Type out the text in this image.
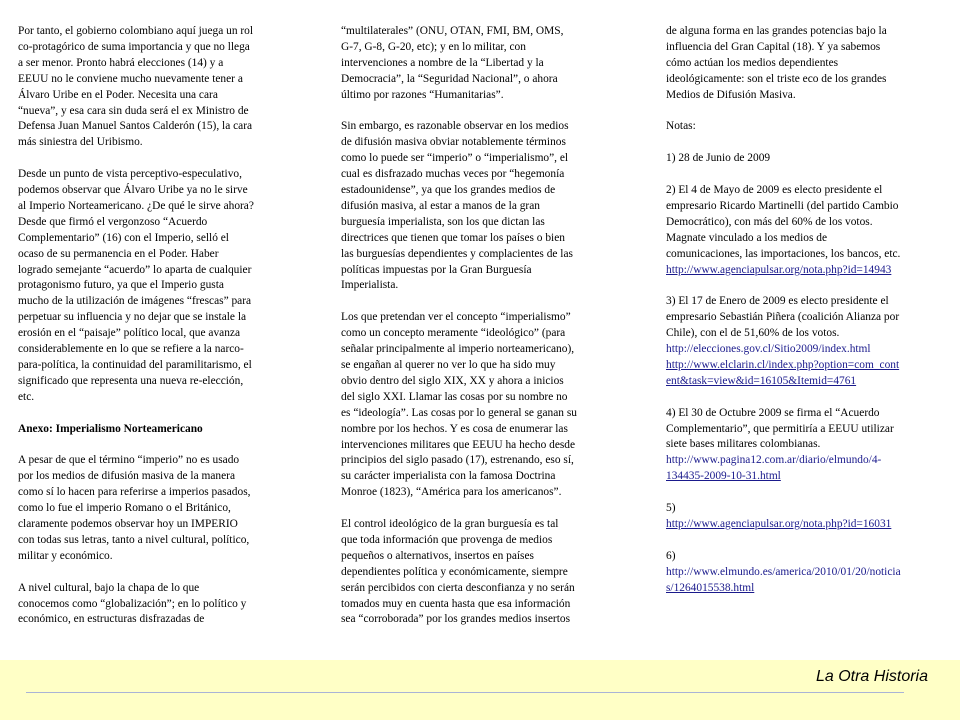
Por tanto, el gobierno colombiano aquí juega un rol
co-protagórico de suma importancia y que no llega
a ser menor. Pronto habrá elecciones (14) y a
EEUU no le conviene mucho nuevamente tener a
Álvaro Uribe en el Poder. Necesita una cara
“nueva”, y esa cara sin duda será el ex Ministro de
Defensa Juan Manuel Santos Calderón (15), la cara
más siniestra del Uribismo.

Desde un punto de vista perceptivo-especulativo,
podemos observar que Álvaro Uribe ya no le sirve
al Imperio Norteamericano. ¿De qué le sirve ahora?
Desde que firmó el vergonzoso “Acuerdo
Complementario” (16) con el Imperio, selló el
ocaso de su permanencia en el Poder. Haber
logrado semejante “acuerdo” lo aparta de cualquier
protagonismo futuro, ya que el Imperio gusta
mucho de la utilización de imágenes “frescas” para
perpetuar su influencia y no dejar que se instale la
erosión en el “paisaje” político local, que avanza
considerablemente en lo que se refiere a la narco-
para-política, la continuidad del paramilitarismo, el
significado que representa una nueva re-elección,
etc.

Anexo: Imperialismo Norteamericano

A pesar de que el término “imperio” no es usado
por los medios de difusión masiva de la manera
como sí lo hacen para referirse a imperios pasados,
como lo fue el imperio Romano o el Británico,
claramente podemos observar hoy un IMPERIO
con todas sus letras, tanto a nivel cultural, político,
militar y económico.

A nivel cultural, bajo la chapa de lo que
conocemos como “globalización”; en lo político y
económico, en estructuras disfrazadas de

“multilaterales” (ONU, OTAN, FMI, BM, OMS,
G-7, G-8, G-20, etc); y en lo militar, con
intervenciones a nombre de la “Libertad y la
Democracia”, la “Seguridad Nacional”, o ahora
último por razones “Humanitarias”.

Sin embargo, es razonable observar en los medios
de difusión masiva obviar notablemente términos
como lo puede ser “imperio” o “imperialismo”, el
cual es disfrazado muchas veces por “hegemonía
estadounidense”, ya que los grandes medios de
difusión masiva, al estar a manos de la gran
burguesía imperialista, son los que dictan las
directrices que tienen que tomar los países o bien
las burguesías dependientes y complacientes de las
políticas impuestas por la Gran Burguesía
Imperialista.

Los que pretendan ver el concepto “imperialismo”
como un concepto meramente “ideológico” (para
señalar principalmente al imperio norteamericano),
se engañan al querer no ver lo que ha sido muy
obvio dentro del siglo XIX, XX y ahora a inicios
del siglo XXI. Llamar las cosas por su nombre no
es “ideología”. Las cosas por lo general se ganan su
nombre por los hechos. Y es cosa de enumerar las
intervenciones militares que EEUU ha hecho desde
principios del siglo pasado (17), estrenando, eso sí,
su carácter imperialista con la famosa Doctrina
Monroe (1823), “América para los americanos”.

El control ideológico de la gran burguesía es tal
que toda información que provenga de medios
pequeños o alternativos, insertos en países
dependientes política y económicamente, siempre
serán percibidos con cierta desconfianza y no serán
tomados muy en cuenta hasta que esa información
sea “corroborada” por los grandes medios insertos

de alguna forma en las grandes potencias bajo la
influencia del Gran Capital (18). Y ya sabemos
cómo actúan los medios dependientes
ideológicamente: son el triste eco de los grandes
Medios de Difusión Masiva.

Notas:

1) 28 de Junio de 2009

2) El 4 de Mayo de 2009 es electo presidente el
empresario Ricardo Martinelli (del partido Cambio
Democrático), con más del 60% de los votos.
Magnate vinculado a los medios de
comunicaciones, las importaciones, los bancos, etc.
http://www.agenciapulsar.org/nota.php?id=14943

3) El 17 de Enero de 2009 es electo presidente el
empresario Sebastián Piñera (coalición Alianza por
Chile), con el de 51,60% de los votos.
http://elecciones.gov.cl/Sitio2009/index.html
http://www.elclarin.cl/index.php?option=com_cont
ent&task=view&id=16105&Itemid=4761

4) El 30 de Octubre 2009 se firma el “Acuerdo
Complementario”, que permitiría a EEUU utilizar
siete bases militares colombianas.
http://www.pagina12.com.ar/diario/elmundo/4-
134435-2009-10-31.html

5)
http://www.agenciapulsar.org/nota.php?id=16031

6)
http://www.elmundo.es/america/2010/01/20/noticia
s/1264015538.html

La Otra Historia
